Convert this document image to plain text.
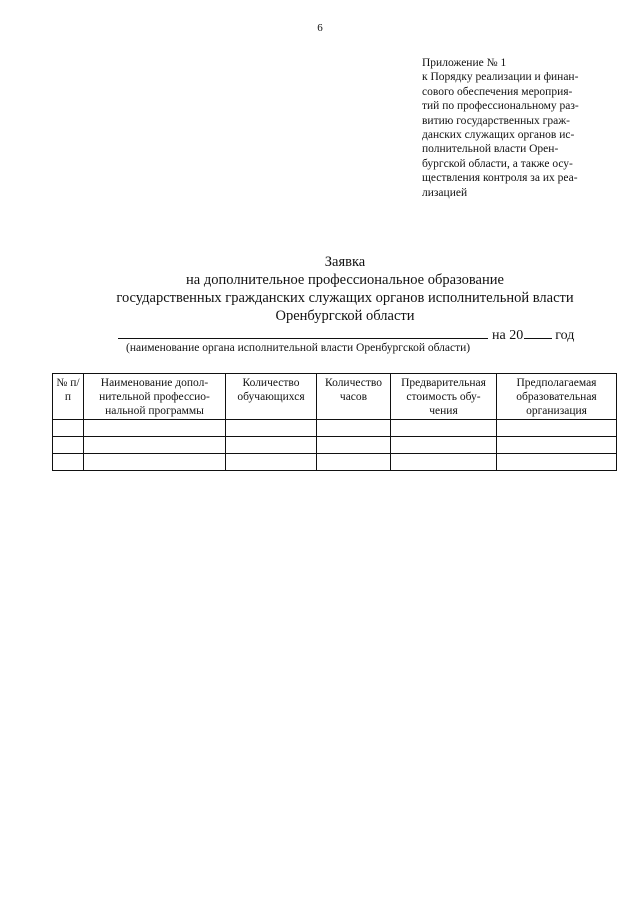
6
Приложение № 1
к Порядку реализации и финан-
сового обеспечения мероприя-
тий по профессиональному раз-
витию государственных граж-
данских служащих органов ис-
полнительной власти Орен-
бургской области, а также осу-
ществления контроля за их реа-
лизацией
Заявка
на дополнительное профессиональное образование
государственных гражданских служащих органов исполнительной власти
Оренбургской области
на 20 год
(наименование органа исполнительной власти Оренбургской области)
№ п/п	Наименование допол-нительной профессио-нальной программы	Количество обучающихся	Количество часов	Предварительная стоимость обу-чения	Предполагаемая образовательная организация
